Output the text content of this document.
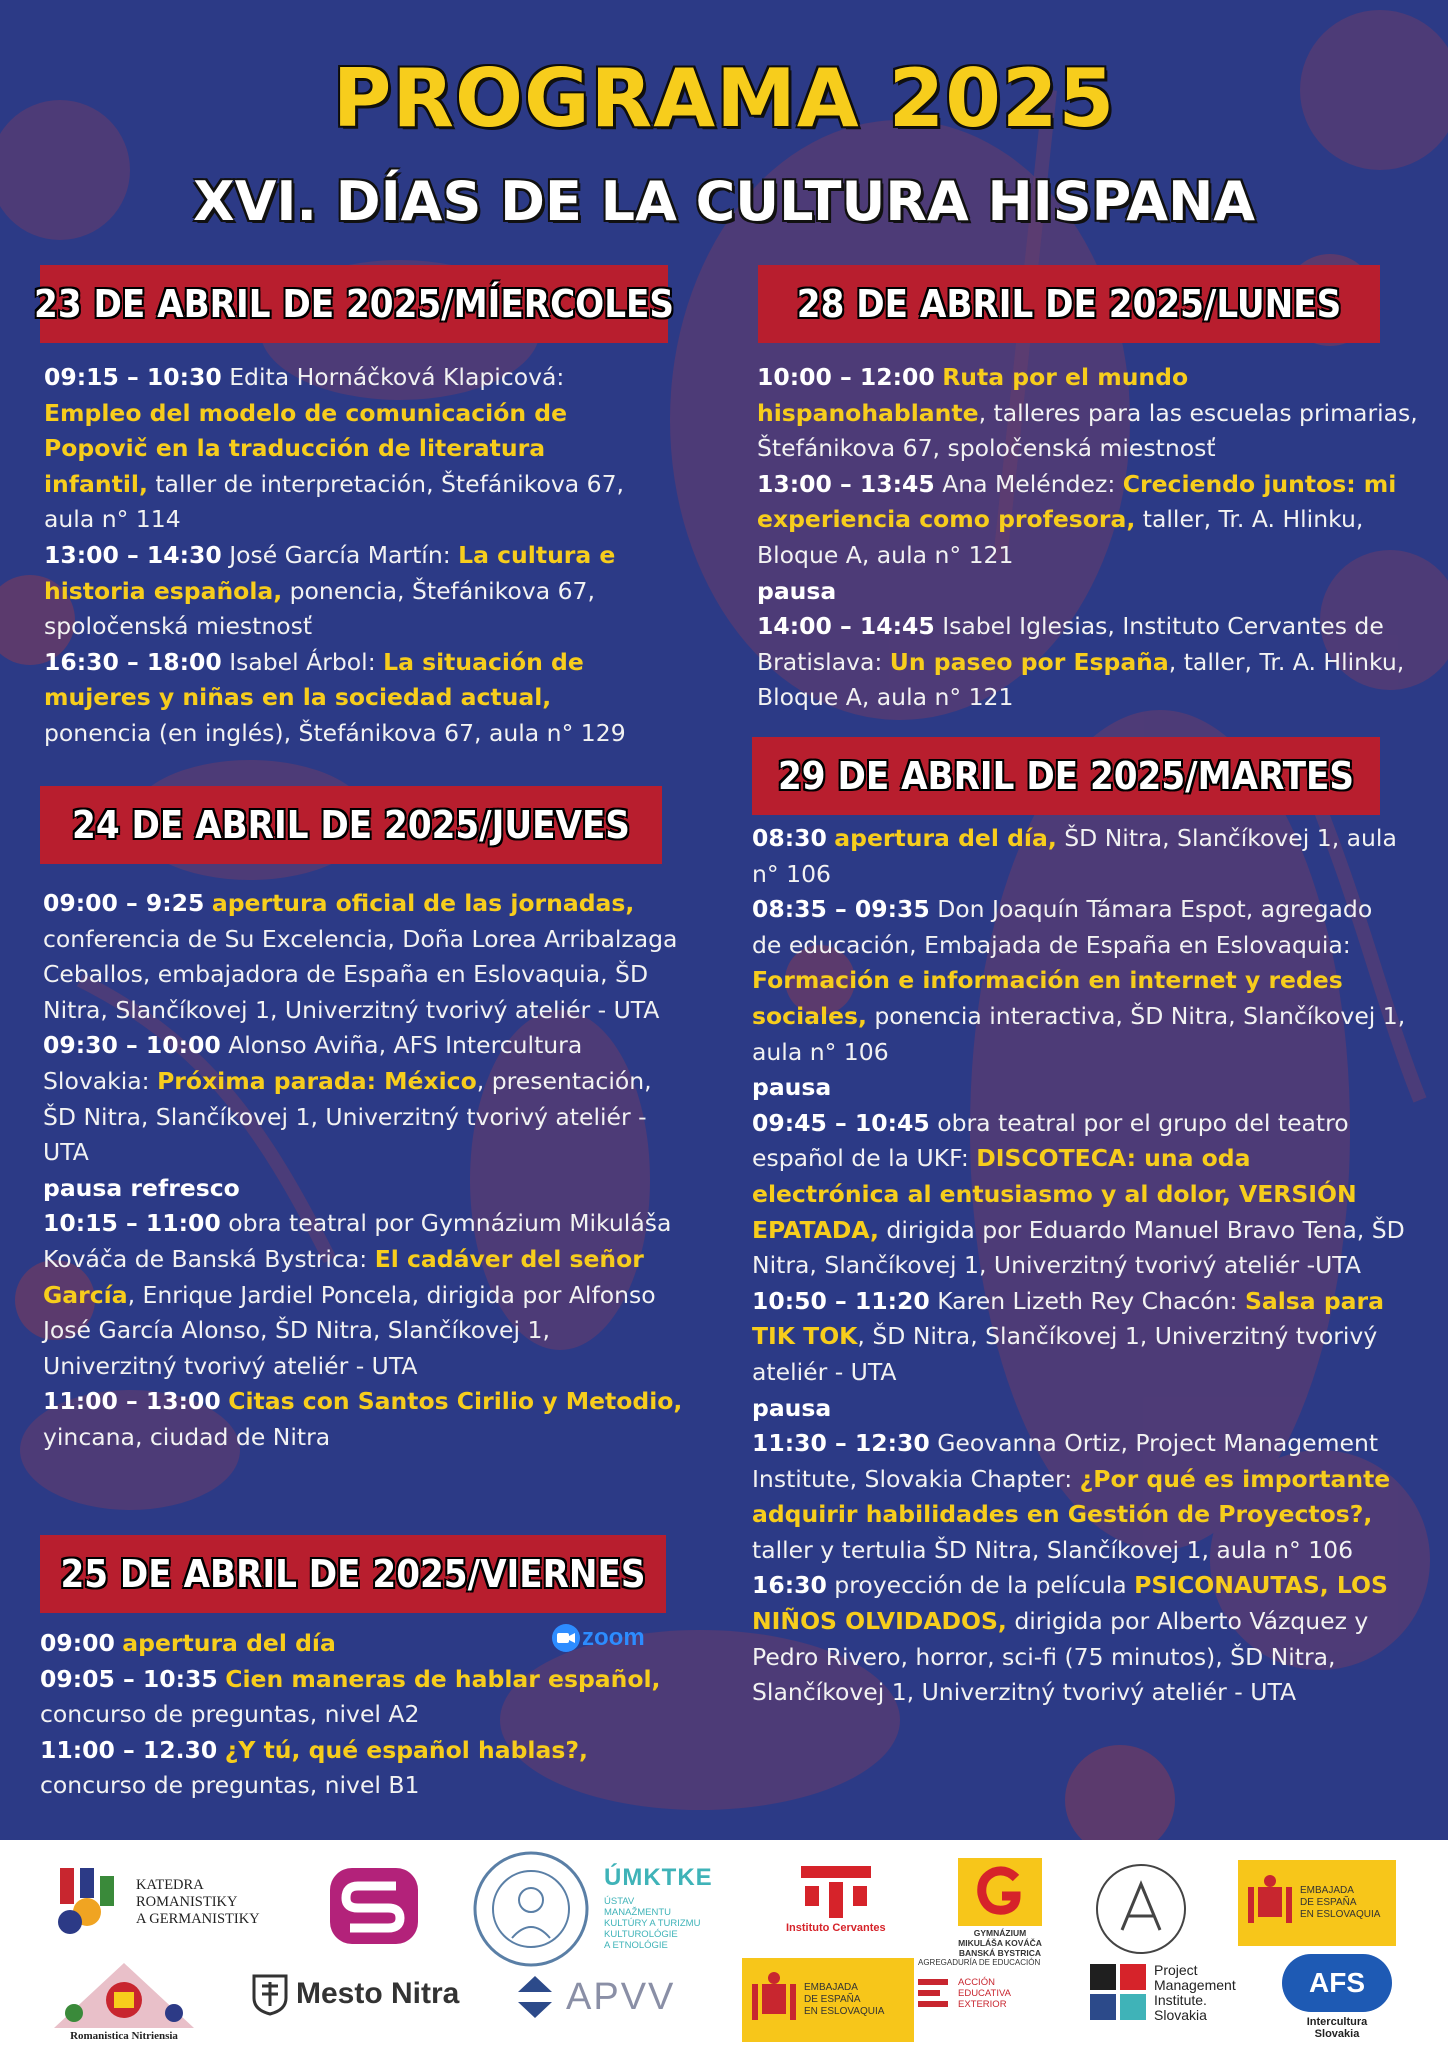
PROGRAMA 2025
XVI. DÍAS DE LA CULTURA HISPANA
23 DE ABRIL DE 2025/MÍERCOLES
24 DE ABRIL DE 2025/JUEVES
25 DE ABRIL DE 2025/VIERNES
28 DE ABRIL DE 2025/LUNES
29 DE ABRIL DE 2025/MARTES

09:15 – 10:30 Edita Hornáčková Klapicová: Empleo del modelo de comunicación de Popovič en la traducción de literatura infantil, taller de interpretación, Štefánikova 67, aula n° 114

13:00 – 14:30 José García Martín: La cultura e historia española, ponencia, Štefánikova 67, spoločenská miestnosť

16:30 – 18:00 Isabel Árbol: La situación de mujeres y niñas en la sociedad actual, ponencia (en inglés), Štefánikova 67, aula n° 129

09:00 – 9:25 apertura oficial de las jornadas, conferencia de Su Excelencia, Doña Lorea Arribalzaga Ceballos, embajadora de España en Eslovaquia, ŠD Nitra, Slančíkovej 1, Univerzitný tvorivý ateliér - UTA

09:30 – 10:00 Alonso Aviña, AFS Intercultura Slovakia: Próxima parada: México, presentación, ŠD Nitra, Slančíkovej 1, Univerzitný tvorivý ateliér - UTA

pausa refresco

10:15 – 11:00 obra teatral por Gymnázium Mikuláša Kováča de Banská Bystrica: El cadáver del señor García, Enrique Jardiel Poncela, dirigida por Alfonso José García Alonso, ŠD Nitra, Slančíkovej 1, Univerzitný tvorivý ateliér - UTA

11:00 – 13:00 Citas con Santos Cirilio y Metodio, yincana, ciudad de Nitra

09:00 apertura del día

09:05 – 10:35 Cien maneras de hablar español, concurso de preguntas, nivel A2

11:00 – 12.30 ¿Y tú, qué español hablas?, concurso de preguntas, nivel B1

10:00 – 12:00 Ruta por el mundo hispanohablante, talleres para las escuelas primarias, Štefánikova 67, spoločenská miestnosť

13:00 – 13:45 Ana Meléndez: Creciendo juntos: mi experiencia como profesora, taller, Tr. A. Hlinku, Bloque A, aula n° 121

pausa

14:00 – 14:45 Isabel Iglesias, Instituto Cervantes de Bratislava: Un paseo por España, taller, Tr. A. Hlinku, Bloque A, aula n° 121

08:30 apertura del día, ŠD Nitra, Slančíkovej 1, aula n° 106

08:35 – 09:35 Don Joaquín Támara Espot, agregado de educación, Embajada de España en Eslovaquia: Formación e información en internet y redes sociales, ponencia interactiva, ŠD Nitra, Slančíkovej 1, aula n° 106

pausa

09:45 – 10:45 obra teatral por el grupo del teatro español de la UKF: DISCOTECA: una oda electrónica al entusiasmo y al dolor, VERSIÓN EPATADA, dirigida por Eduardo Manuel Bravo Tena, ŠD Nitra, Slančíkovej 1, Univerzitný tvorivý ateliér -UTA

10:50 – 11:20 Karen Lizeth Rey Chacón: Salsa para TIK TOK, ŠD Nitra, Slančíkovej 1, Univerzitný tvorivý ateliér - UTA

pausa

11:30 – 12:30 Geovanna Ortiz, Project Management Institute, Slovakia Chapter: ¿Por qué es importante adquirir habilidades en Gestión de Proyectos?, taller y tertulia ŠD Nitra, Slančíkovej 1, aula n° 106

16:30 proyección de la película PSICONAUTAS, LOS NIÑOS OLVIDADOS, dirigida por Alberto Vázquez y Pedro Rivero, horror, sci-fi (75 minutos), ŠD Nitra, Slančíkovej 1, Univerzitný tvorivý ateliér - UTA

zoom
KATEDRA
ROMANISTIKY
A GERMANISTIKY
Romanistica Nitriensia
ÚMKTKE
ÚSTAV
MANAŽMENTU
KULTÚRY A TURIZMU
KULTUROLÓGIE
A ETNOLÓGIE
Mesto Nitra	APVV
Instituto Cervantes	GYMNÁZIUM
MIKULÁŠA KOVÁČA
BANSKÁ BYSTRICA
EMBAJADA
DE ESPAÑA
EN ESLOVAQUIA
EMBAJADA
DE ESPAÑA
EN ESLOVAQUIA
AGREGADURÍA DE EDUCACIÓN
ACCIÓN
EDUCATIVA
EXTERIOR
Project
Management
Institute.
Slovakia
AFS
Intercultura
Slovakia
